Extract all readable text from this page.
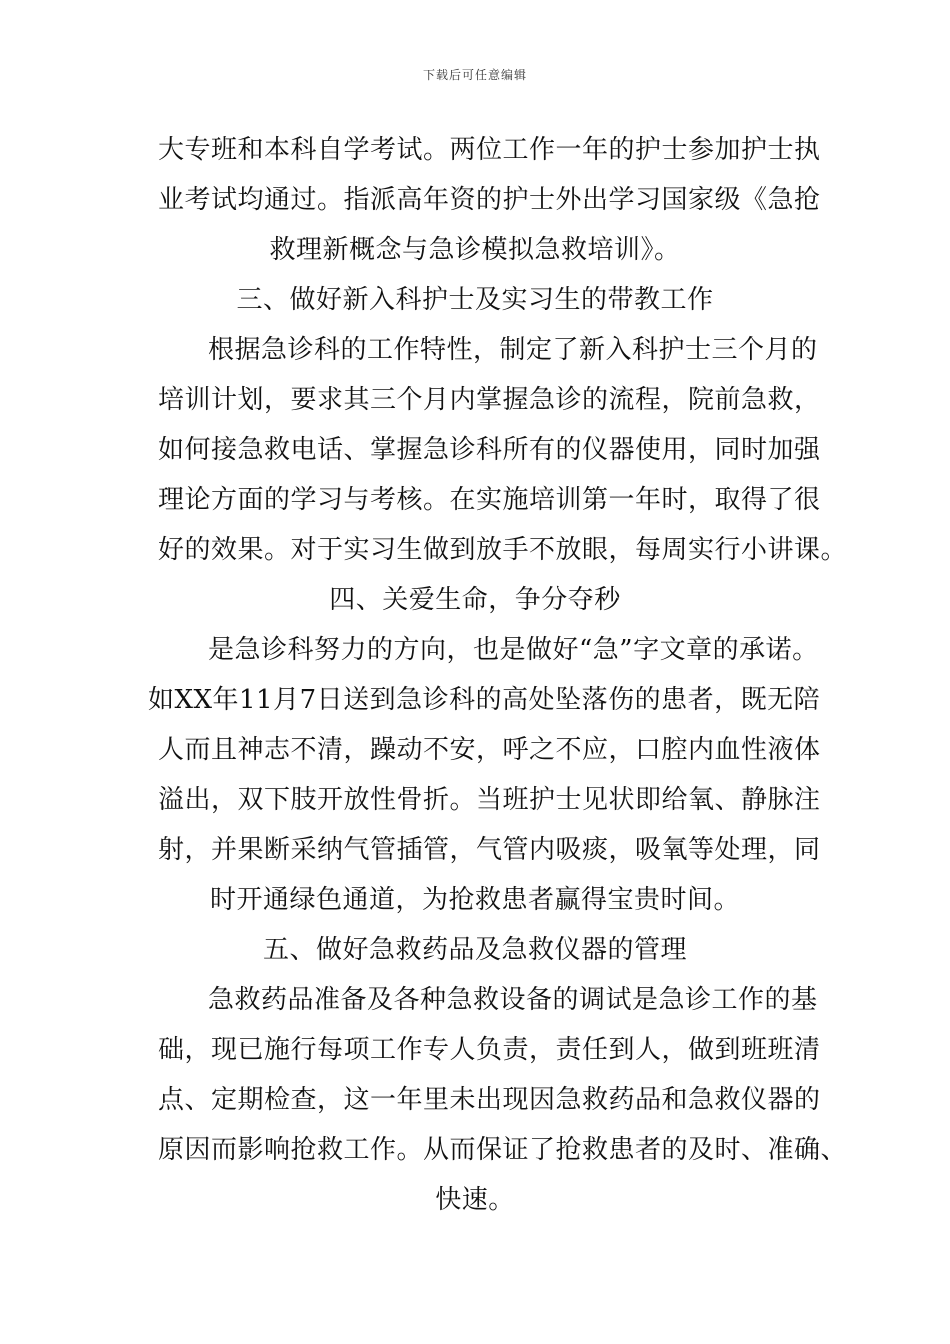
下载后可任意编辑
大专班和本科自学考试。两位工作一年的护士参加护士执
业考试均通过。指派高年资的护士外出学习国家级《急抢
救理新概念与急诊模拟急救培训》。
三、做好新入科护士及实习生的带教工作
根据急诊科的工作特性，制定了新入科护士三个月的
培训计划，要求其三个月内掌握急诊的流程，院前急救，
如何接急救电话、掌握急诊科所有的仪器使用，同时加强
理论方面的学习与考核。在实施培训第一年时，取得了很
好的效果。对于实习生做到放手不放眼，每周实行小讲课。
四、关爱生命，争分夺秒
是急诊科努力的方向，也是做好“急”字文章的承诺。
如XX年11月7日送到急诊科的高处坠落伤的患者，既无陪
人而且神志不清，躁动不安，呼之不应，口腔内血性液体
溢出，双下肢开放性骨折。当班护士见状即给氧、静脉注
射，并果断采纳气管插管，气管内吸痰，吸氧等处理，同
时开通绿色通道，为抢救患者赢得宝贵时间。
五、做好急救药品及急救仪器的管理
急救药品准备及各种急救设备的调试是急诊工作的基
础，现已施行每项工作专人负责，责任到人，做到班班清
点、定期检查，这一年里未出现因急救药品和急救仪器的
原因而影响抢救工作。从而保证了抢救患者的及时、准确、
快速。
